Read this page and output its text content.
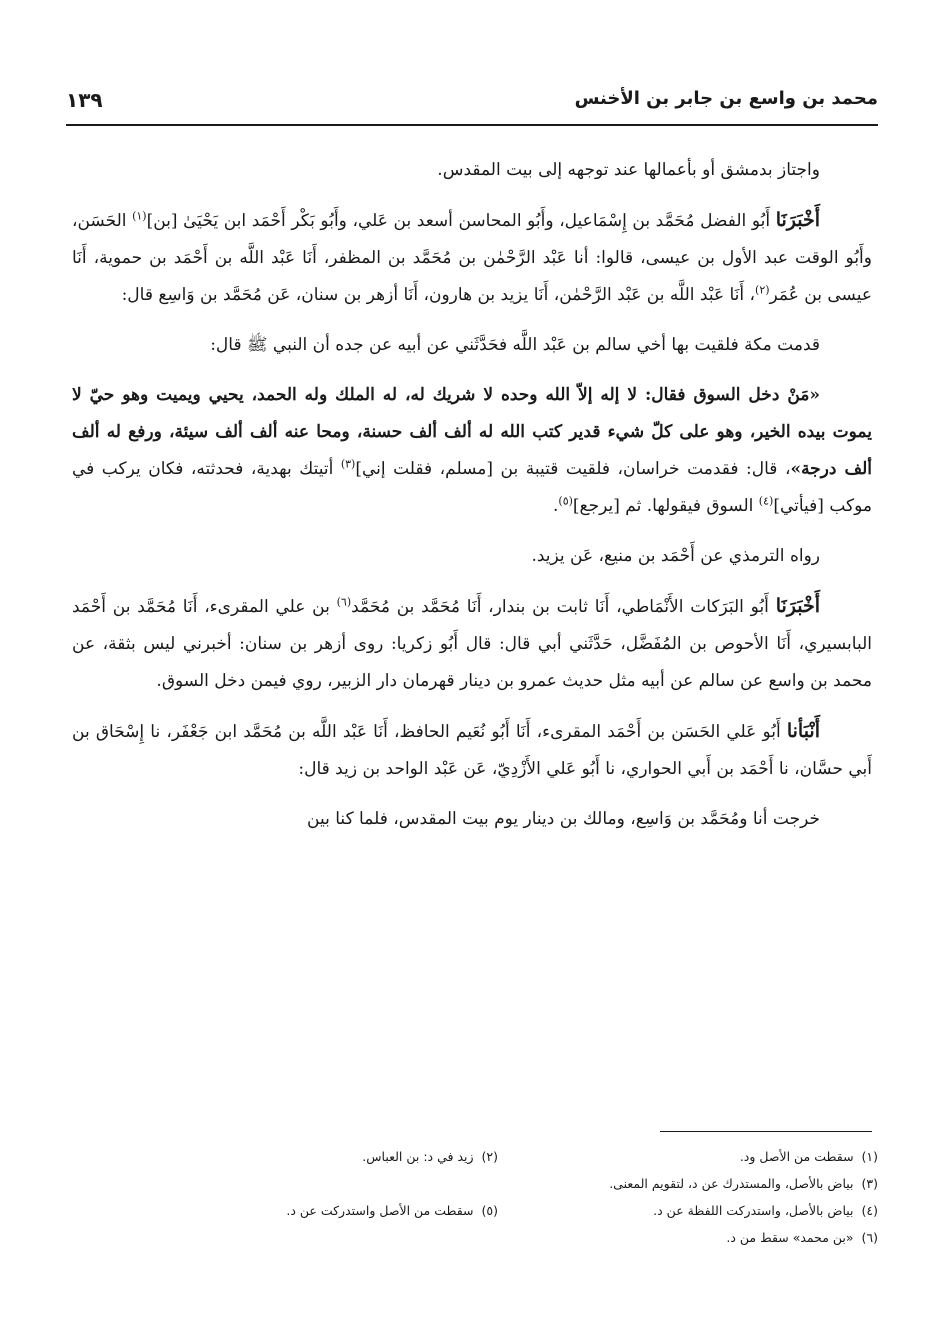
محمد بن واسع بن جابر بن الأخنس
١٣٩

واجتاز بدمشق أو بأعمالها عند توجهه إلى بيت المقدس.

أَخْبَرَنَا أَبُو الفضل مُحَمَّد بن إِسْمَاعيل، وأَبُو المحاسن أسعد بن عَلي، وأَبُو بَكْر أَحْمَد ابن يَحْيَىٰ [بن]$^{(١)}$ الحَسَن، وأَبُو الوقت عبد الأول بن عيسى، قالوا: أنا عَبْد الرَّحْمٰن بن مُحَمَّد بن المظفر، أَنَا عَبْد اللَّه بن أَحْمَد بن حموية، أَنَا عيسى بن عُمَر$^{(٢)}$، أَنَا عَبْد اللَّه بن عَبْد الرَّحْمٰن، أَنَا يزيد بن هارون، أَنَا أزهر بن سنان، عَن مُحَمَّد بن وَاسِع قال:

قدمت مكة فلقيت بها أخي سالم بن عَبْد اللَّه فحَدَّثَني عن أبيه عن جده أن النبي ﷺ قال:

«مَنْ دخل السوق فقال: لا إله إلاّ الله وحده لا شريك له، له الملك وله الحمد، يحيي ويميت وهو حيّ لا يموت بيده الخير، وهو على كلّ شيء قدير كتب الله له ألف ألف حسنة، ومحا عنه ألف ألف سيئة، ورفع له ألف ألف درجة»، قال: فقدمت خراسان، فلقيت قتيبة بن [مسلم، فقلت إني]$^{(٣)}$ أتيتك بهدية، فحدثته، فكان يركب في موكب [فيأتي]$^{(٤)}$ السوق فيقولها. ثم [يرجع]$^{(٥)}$.

رواه الترمذي عن أَحْمَد بن منيع، عَن يزيد.

أَخْبَرَنَا أَبُو البَرَكات الأَنْمَاطي، أَنَا ثابت بن بندار، أَنَا مُحَمَّد بن مُحَمَّد$^{(٦)}$ بن علي المقرىء، أَنَا مُحَمَّد بن أَحْمَد البابسيري، أَنَا الأحوص بن المُفَضَّل، حَدَّثَني أبي قال: قال أَبُو زكريا: روى أزهر بن سنان: أخبرني ليس بثقة، عن محمد بن واسع عن سالم عن أبيه مثل حديث عمرو بن دينار قهرمان دار الزبير، روي فيمن دخل السوق.

أَنْبَأنا أَبُو عَلي الحَسَن بن أَحْمَد المقرىء، أَنَا أَبُو نُعَيم الحافظ، أَنَا عَبْد اللَّه بن مُحَمَّد ابن جَعْفَر، نا إِسْحَاق بن أَبي حسَّان، نا أَحْمَد بن أَبي الحواري، نا أَبُو عَلي الأَزْدِيّ، عَن عَبْد الواحد بن زيد قال:

خرجت أنا ومُحَمَّد بن وَاسِع، ومالك بن دينار يوم بيت المقدس، فلما كنا بين

(١)  سقطت من الأصل ود.
(٢)  زيد في د: بن العباس.
(٣)  بياض بالأصل، والمستدرك عن د، لتقويم المعنى.
(٤)  بياض بالأصل، واستدركت اللفظة عن د.
(٥)  سقطت من الأصل واستدركت عن د.
(٦)  «بن محمد» سقط من د.
